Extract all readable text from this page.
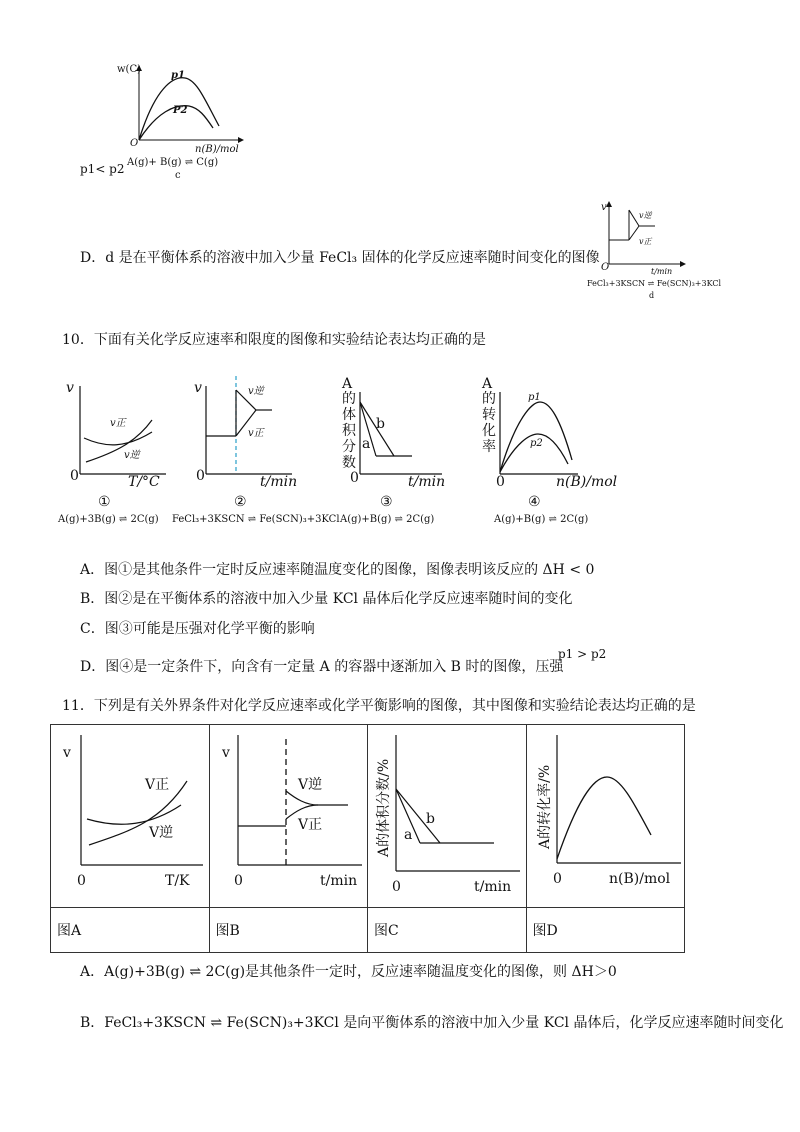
w(C)
p1
P2
O
n(B)/mol
A(g)+ B(g) ⇌ C(g)
c
p1< p2
D．d 是在平衡体系的溶液中加入少量 FeCl₃ 固体的化学反应速率随时间变化的图像
v
v逆
v正
O	t/min
FeCl₃+3KSCN ⇌ Fe(SCN)₃+3KCl
d
10．下面有关化学反应速率和限度的图像和实验结论表达均正确的是
v
v正
v逆
0	T/°C
①
A(g)+3B(g) ⇌ 2C(g)
v	v逆
v正
0	t/min
②
FeCl₃+3KSCN ⇌ Fe(SCN)₃+3KCl
A
的
体
积
分
数
b
a
0	t/min
③
A(g)+B(g) ⇌ 2C(g)
A
的
转
化
率
p1
p2
0	n(B)/mol
④
A(g)+B(g) ⇌ 2C(g)
A．图①是其他条件一定时反应速率随温度变化的图像，图像表明该反应的 ΔH < 0
B．图②是在平衡体系的溶液中加入少量 KCl 晶体后化学反应速率随时间的变化
C．图③可能是压强对化学平衡的影响
D．图④是一定条件下，向含有一定量 A 的容器中逐渐加入 B 时的图像，压强
p1 > p2
11．下列是有关外界条件对化学反应速率或化学平衡影响的图像，其中图像和实验结论表达均正确的是
v
V正
V逆
0 T/K	v
V逆
V正
0 t/min	A的体积分数/% b
a
0 t/min	A的转化率/%
0 n(B)/mol

图A	图B	图C	图D
A．A(g)+3B(g) ⇌ 2C(g)是其他条件一定时，反应速率随温度变化的图像，则 ΔH＞0
B．FeCl₃+3KSCN ⇌ Fe(SCN)₃+3KCl 是向平衡体系的溶液中加入少量 KCl 晶体后，化学反应速率随时间变化
